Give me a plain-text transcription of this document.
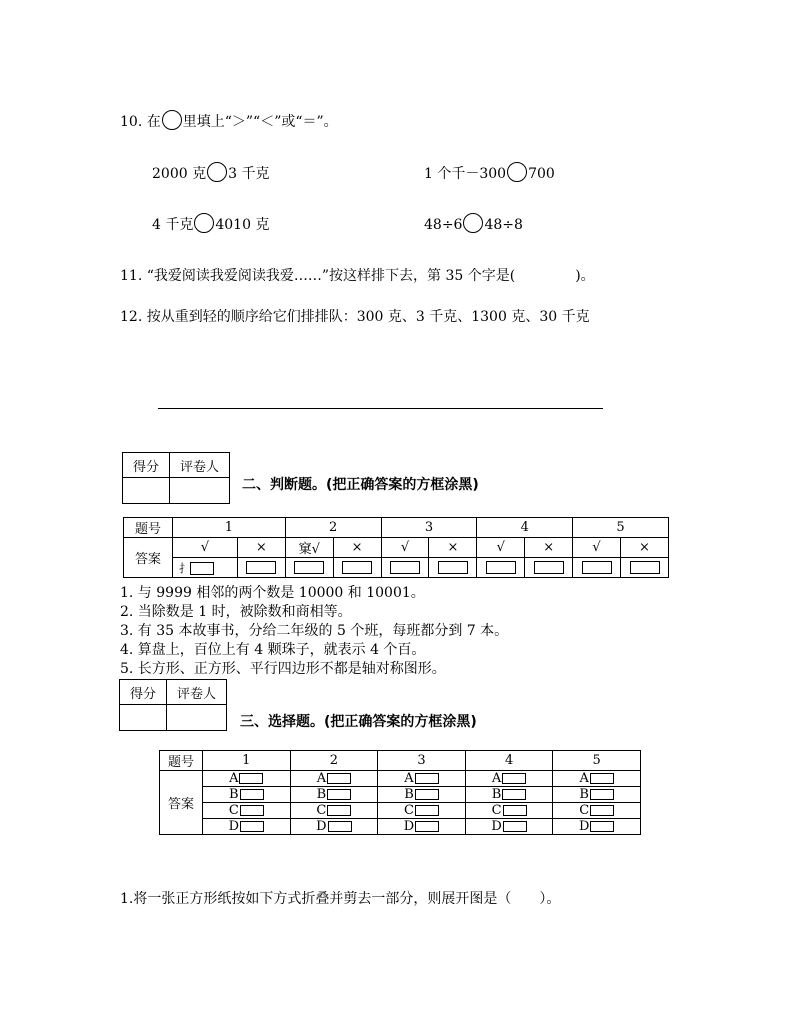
10. 在 里填上“＞”“＜”或“＝”。
2000 克 3 千克	1 个千－300 700
4 千克 4010 克	48÷6 48÷8
11. “我爱阅读我爱阅读我爱……”按这样排下去，第 35 个字是(	)。
12. 按从重到轻的顺序给它们排排队：300 克、3 千克、1300 克、30 千克
得分	评卷人

二、判断题。(把正确答案的方框涂黑)
题号	1		2		3		4		5	
答案	√	×	窠√	×	√	×	√	×	√	×
	扌									
1. 与 9999 相邻的两个数是 10000 和 10001。
2. 当除数是 1 时，被除数和商相等。
3. 有 35 本故事书，分给二年级的 5 个班，每班都分到 7 本。
4. 算盘上，百位上有 4 颗珠子，就表示 4 个百。
5. 长方形、正方形、平行四边形不都是轴对称图形。
得分	评卷人

三、选择题。(把正确答案的方框涂黑)
题号	1	2	3	4	5
答案	A	A	A	A	A
	B	B	B	B	B
	C	C	C	C	C
	D	D	D	D	D
1.将一张正方形纸按如下方式折叠并剪去一部分，则展开图是（ ）。
